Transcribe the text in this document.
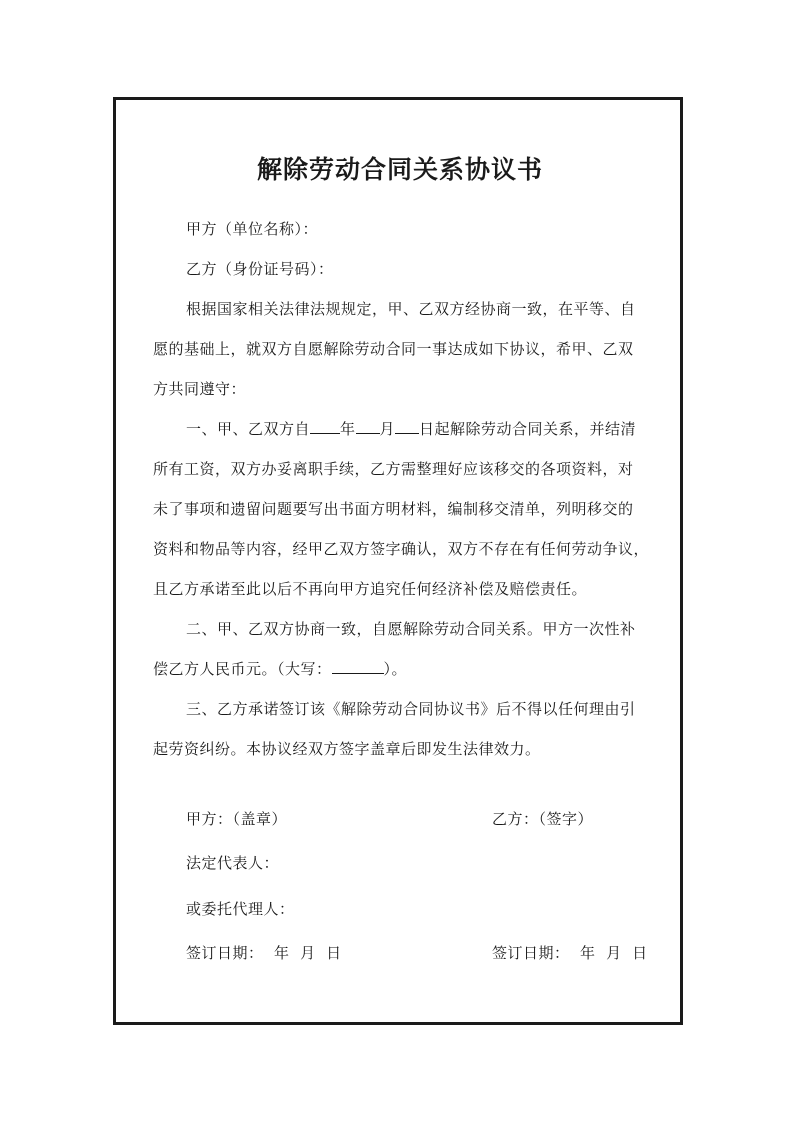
解除劳动合同关系协议书
甲方（单位名称）：
乙方（身份证号码）：
根据国家相关法律法规规定，甲、乙双方经协商一致，在平等、自
愿的基础上，就双方自愿解除劳动合同一事达成如下协议，希甲、乙双
方共同遵守：
一、甲、乙双方自 年 月 日起解除劳动合同关系，并结清
所有工资，双方办妥离职手续，乙方需整理好应该移交的各项资料，对
未了事项和遗留问题要写出书面方明材料，编制移交清单，列明移交的
资料和物品等内容，经甲乙双方签字确认，双方不存在有任何劳动争议，
且乙方承诺至此以后不再向甲方追究任何经济补偿及赔偿责任。
二、甲、乙双方协商一致，自愿解除劳动合同关系。甲方一次性补
偿乙方人民币元。（大写：	）。
三、乙方承诺签订该《解除劳动合同协议书》后不得以任何理由引
起劳资纠纷。本协议经双方签字盖章后即发生法律效力。
甲方：（盖章）	乙方：（签字）
法定代表人：
或委托代理人：
签订日期：  年  月  日	签订日期：  年  月  日
